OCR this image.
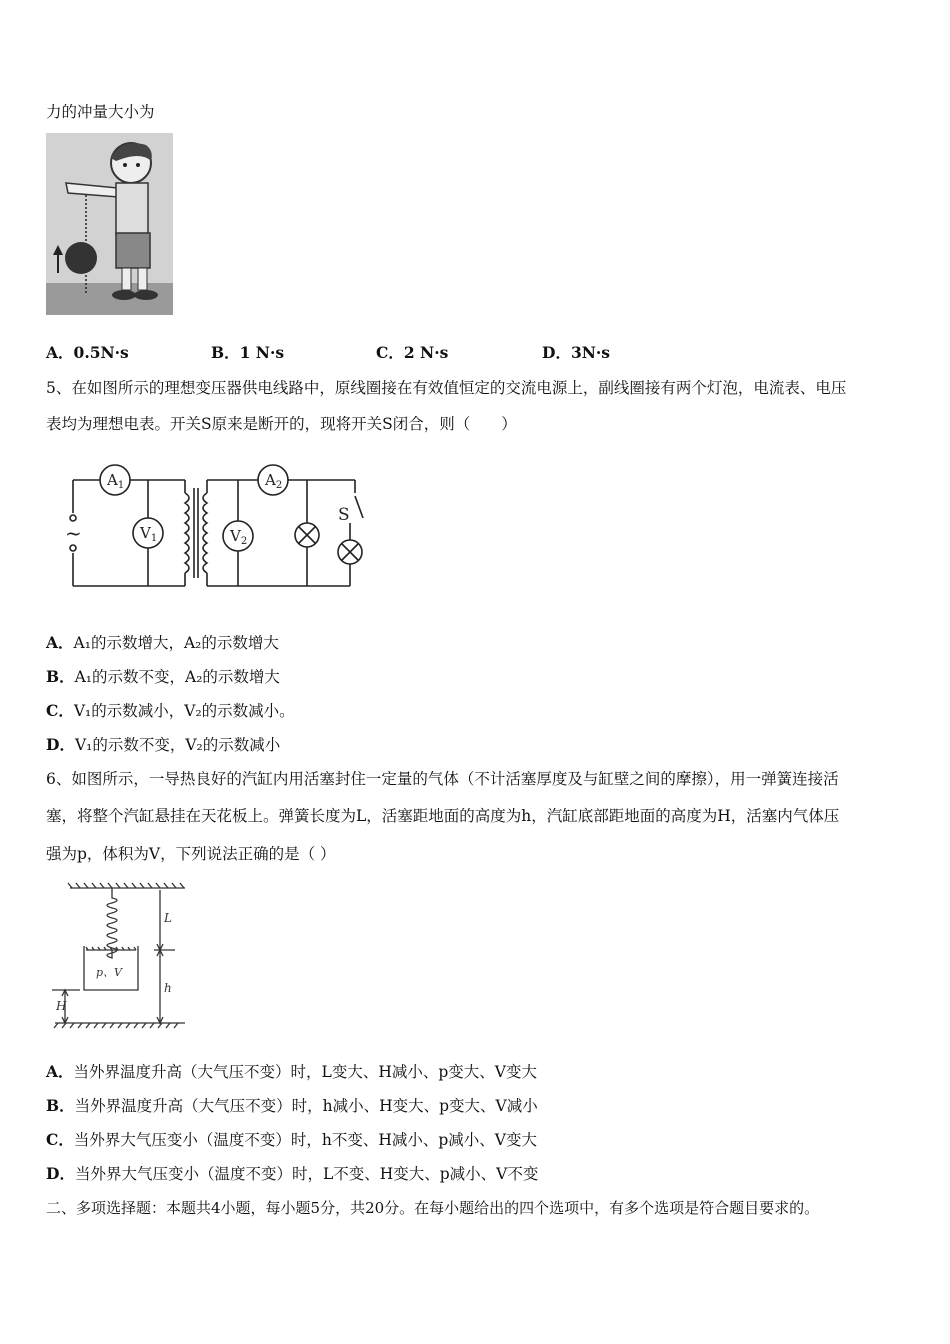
力的冲量大小为
A．0.5N·s	B．1 N·s	C．2 N·s	D．3N·s
5、在如图所示的理想变压器供电线路中，原线圈接在有效值恒定的交流电源上，副线圈接有两个灯泡，电流表、电压
表均为理想电表。开关S原来是断开的，现将开关S闭合，则（　　）
$A_1$	$A_2$
$V_1$	$V_2$
S
~
A．A₁的示数增大，A₂的示数增大
B．A₁的示数不变，A₂的示数增大
C．V₁的示数减小，V₂的示数减小。
D．V₁的示数不变，V₂的示数减小
6、如图所示，一导热良好的汽缸内用活塞封住一定量的气体（不计活塞厚度及与缸壁之间的摩擦），用一弹簧连接活
塞，将整个汽缸悬挂在天花板上。弹簧长度为L，活塞距地面的高度为h，汽缸底部距地面的高度为H，活塞内气体压
强为p，体积为V，下列说法正确的是（ ）
L
h
H
p、V
A．当外界温度升高（大气压不变）时，L变大、H减小、p变大、V变大
B．当外界温度升高（大气压不变）时，h减小、H变大、p变大、V减小
C．当外界大气压变小（温度不变）时，h不变、H减小、p减小、V变大
D．当外界大气压变小（温度不变）时，L不变、H变大、p减小、V不变
二、多项选择题：本题共4小题，每小题5分，共20分。在每小题给出的四个选项中，有多个选项是符合题目要求的。
